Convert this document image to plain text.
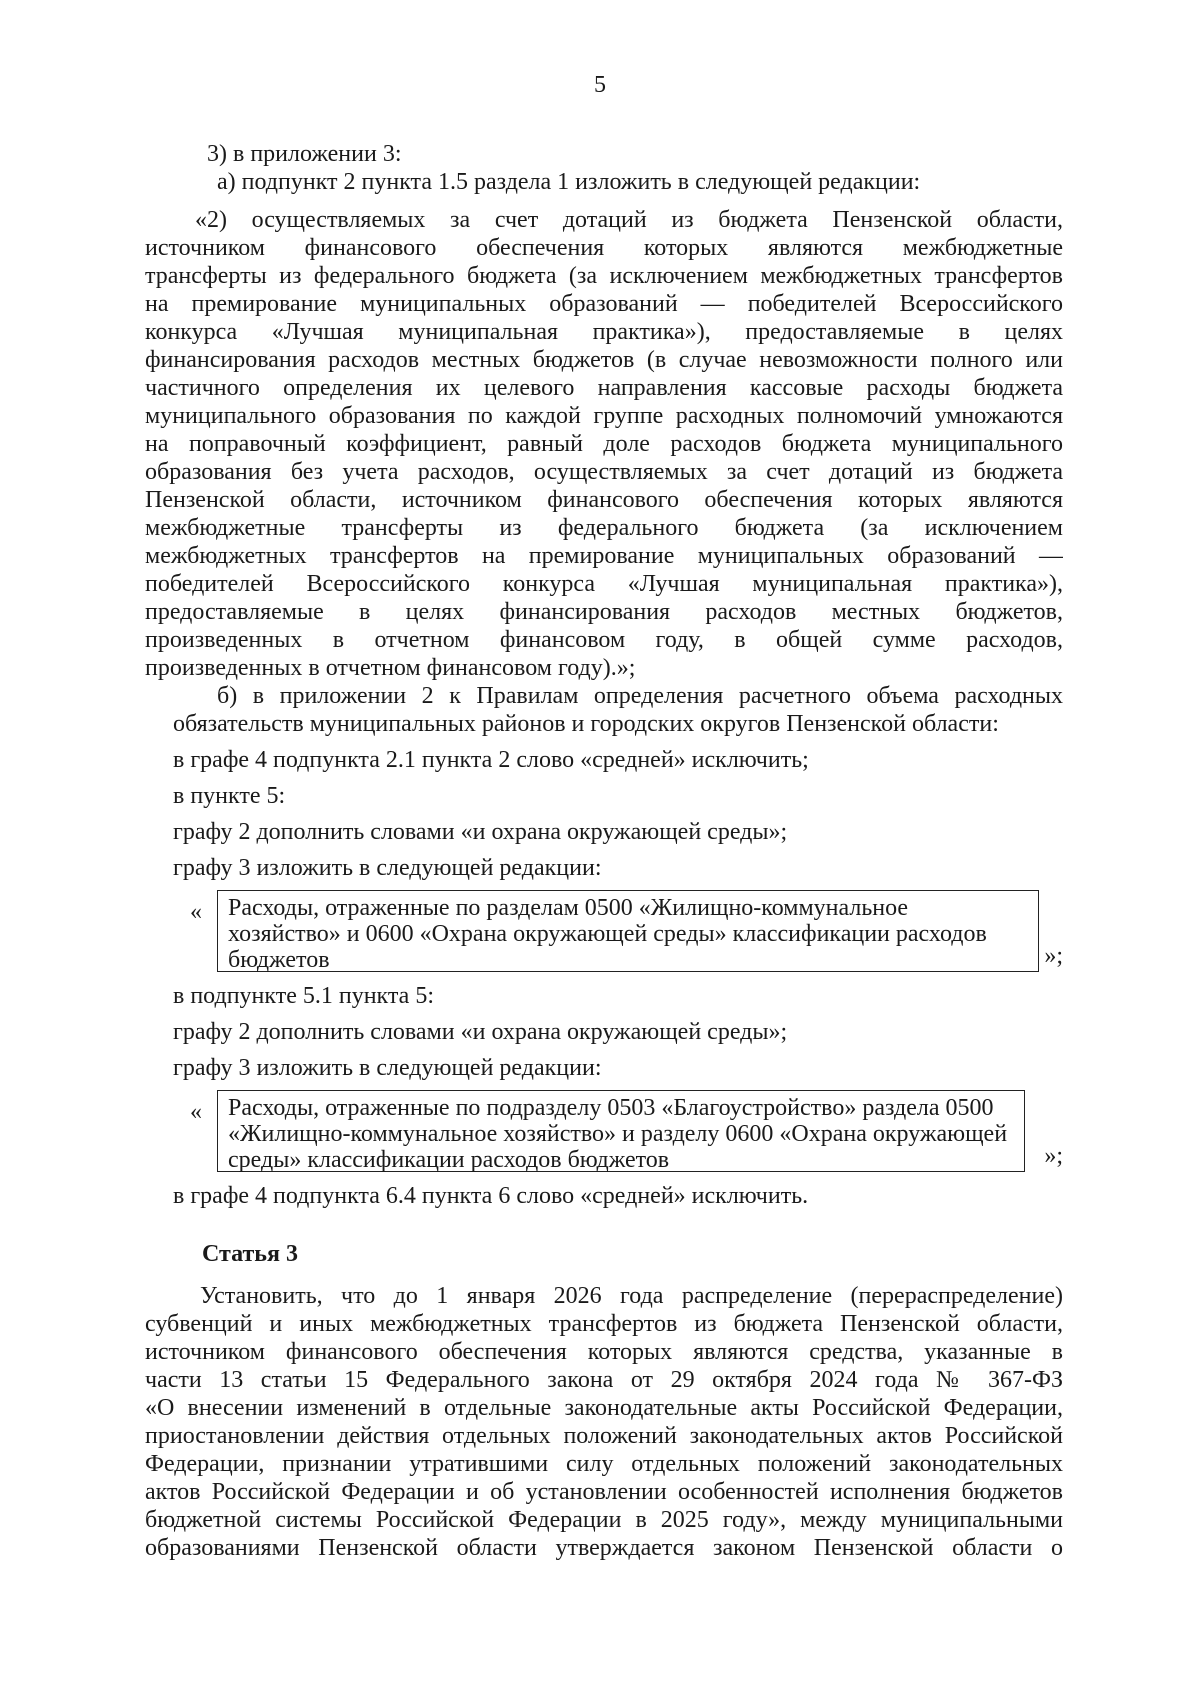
5
3) в приложении 3:
а) подпункт 2 пункта 1.5 раздела 1 изложить в следующей редакции:
«2) осуществляемых за счет дотаций из бюджета Пензенской области,
источником финансового обеспечения которых являются межбюджетные
трансферты из федерального бюджета (за исключением межбюджетных трансфертов
на премирование муниципальных образований — победителей Всероссийского
конкурса «Лучшая муниципальная практика»), предоставляемые в целях
финансирования расходов местных бюджетов (в случае невозможности полного или
частичного определения их целевого направления кассовые расходы бюджета
муниципального образования по каждой группе расходных полномочий умножаются
на поправочный коэффициент, равный доле расходов бюджета муниципального
образования без учета расходов, осуществляемых за счет дотаций из бюджета
Пензенской области, источником финансового обеспечения которых являются
межбюджетные трансферты из федерального бюджета (за исключением
межбюджетных трансфертов на премирование муниципальных образований —
победителей Всероссийского конкурса «Лучшая муниципальная практика»),
предоставляемые в целях финансирования расходов местных бюджетов,
произведенных в отчетном финансовом году, в общей сумме расходов,
произведенных в отчетном финансовом году).»;
б) в приложении 2 к Правилам определения расчетного объема расходных
обязательств муниципальных районов и городских округов Пензенской области:
в графе 4 подпункта 2.1 пункта 2 слово «средней» исключить;
в пункте 5:
графу 2 дополнить словами «и охрана окружающей среды»;
графу 3 изложить в следующей редакции:
« Расходы, отраженные по разделам 0500 «Жилищно-коммунальное
хозяйство» и 0600 «Охрана окружающей среды» классификации расходов
бюджетов	»;
в подпункте 5.1 пункта 5:
графу 2 дополнить словами «и охрана окружающей среды»;
графу 3 изложить в следующей редакции:
« Расходы, отраженные по подразделу 0503 «Благоустройство» раздела 0500
«Жилищно-коммунальное хозяйство» и разделу 0600 «Охрана окружающей
среды» классификации расходов бюджетов	»;
в графе 4 подпункта 6.4 пункта 6 слово «средней» исключить.
Статья 3
Установить, что до 1 января 2026 года распределение (перераспределение)
субвенций и иных межбюджетных трансфертов из бюджета Пензенской области,
источником финансового обеспечения которых являются средства, указанные в
части 13 статьи 15 Федерального закона от 29 октября 2024 года № 367-ФЗ
«О внесении изменений в отдельные законодательные акты Российской Федерации,
приостановлении действия отдельных положений законодательных актов Российской
Федерации, признании утратившими силу отдельных положений законодательных
актов Российской Федерации и об установлении особенностей исполнения бюджетов
бюджетной системы Российской Федерации в 2025 году», между муниципальными
образованиями Пензенской области утверждается законом Пензенской области о
